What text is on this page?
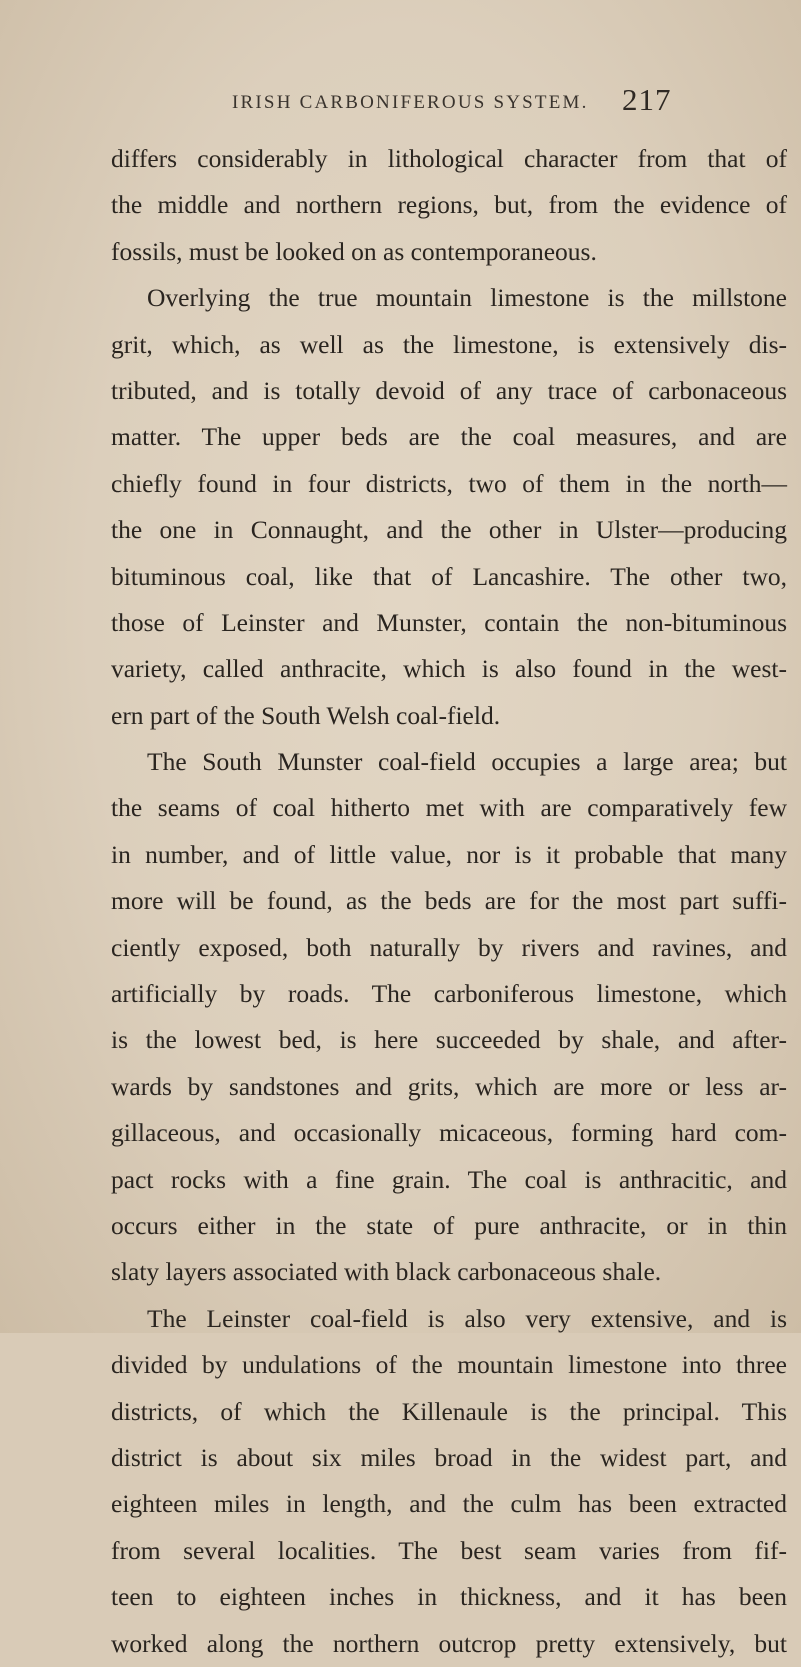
IRISH CARBONIFEROUS SYSTEM. 217
differs considerably in lithological character from that of
the middle and northern regions, but, from the evidence of
fossils, must be looked on as contemporaneous.
Overlying the true mountain limestone is the millstone
grit, which, as well as the limestone, is extensively dis-
tributed, and is totally devoid of any trace of carbonaceous
matter. The upper beds are the coal measures, and are
chiefly found in four districts, two of them in the north—
the one in Connaught, and the other in Ulster—producing
bituminous coal, like that of Lancashire. The other two,
those of Leinster and Munster, contain the non-bituminous
variety, called anthracite, which is also found in the west-
ern part of the South Welsh coal-field.
The South Munster coal-field occupies a large area; but
the seams of coal hitherto met with are comparatively few
in number, and of little value, nor is it probable that many
more will be found, as the beds are for the most part suffi-
ciently exposed, both naturally by rivers and ravines, and
artificially by roads. The carboniferous limestone, which
is the lowest bed, is here succeeded by shale, and after-
wards by sandstones and grits, which are more or less ar-
gillaceous, and occasionally micaceous, forming hard com-
pact rocks with a fine grain. The coal is anthracitic, and
occurs either in the state of pure anthracite, or in thin
slaty layers associated with black carbonaceous shale.
The Leinster coal-field is also very extensive, and is
divided by undulations of the mountain limestone into three
districts, of which the Killenaule is the principal. This
district is about six miles broad in the widest part, and
eighteen miles in length, and the culm has been extracted
from several localities. The best seam varies from fif-
teen to eighteen inches in thickness, and it has been
worked along the northern outcrop pretty extensively, but
